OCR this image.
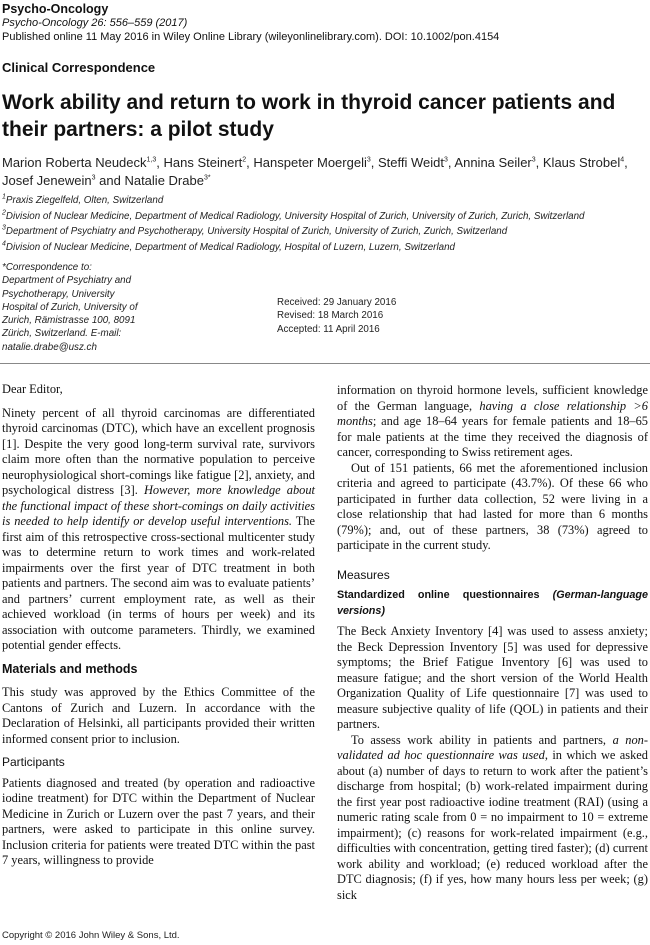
Psycho-Oncology
Psycho-Oncology 26: 556–559 (2017)
Published online 11 May 2016 in Wiley Online Library (wileyonlinelibrary.com). DOI: 10.1002/pon.4154
Clinical Correspondence
Work ability and return to work in thyroid cancer patients and their partners: a pilot study
Marion Roberta Neudeck$^{1,3}$, Hans Steinert$^2$, Hanspeter Moergeli$^3$, Steffi Weidt$^3$, Annina Seiler$^3$, Klaus Strobel$^4$, Josef Jenewein$^3$ and Natalie Drabe$^{3*}$
$^1$Praxis Ziegelfeld, Olten, Switzerland
$^2$Division of Nuclear Medicine, Department of Medical Radiology, University Hospital of Zurich, University of Zurich, Zurich, Switzerland
$^3$Department of Psychiatry and Psychotherapy, University Hospital of Zurich, University of Zurich, Zurich, Switzerland
$^4$Division of Nuclear Medicine, Department of Medical Radiology, Hospital of Luzern, Luzern, Switzerland
*Correspondence to: Department of Psychiatry and Psychotherapy, University Hospital of Zurich, University of Zurich, Rämistrasse 100, 8091 Zürich, Switzerland. E-mail: natalie.drabe@usz.ch
Received: 29 January 2016
Revised: 18 March 2016
Accepted: 11 April 2016

Dear Editor,

Ninety percent of all thyroid carcinomas are differentiated thyroid carcinomas (DTC), which have an excellent prognosis [1]. Despite the very good long-term survival rate, survivors claim more often than the normative population to perceive neurophysiological short-comings like fatigue [2], anxiety, and psychological distress [3]. However, more knowledge about the functional impact of these short-comings on daily activities is needed to help identify or develop useful interventions. The first aim of this retrospective cross-sectional multicenter study was to determine return to work times and work-related impairments over the first year of DTC treatment in both patients and partners. The second aim was to evaluate patients’ and partners’ current employment rate, as well as their achieved workload (in terms of hours per week) and its association with outcome parameters. Thirdly, we examined potential gender effects.

Materials and methods

This study was approved by the Ethics Committee of the Cantons of Zurich and Luzern. In accordance with the Declaration of Helsinki, all participants provided their written informed consent prior to inclusion.

Participants

Patients diagnosed and treated (by operation and radioactive iodine treatment) for DTC within the Department of Nuclear Medicine in Zurich or Luzern over the past 7 years, and their partners, were asked to participate in this online survey. Inclusion criteria for patients were treated DTC within the past 7 years, willingness to provide

information on thyroid hormone levels, sufficient knowledge of the German language, having a close relationship >6 months; and age 18–64 years for female patients and 18–65 for male patients at the time they received the diagnosis of cancer, corresponding to Swiss retirement ages.

Out of 151 patients, 66 met the aforementioned inclusion criteria and agreed to participate (43.7%). Of these 66 who participated in further data collection, 52 were living in a close relationship that had lasted for more than 6 months (79%); and, out of these partners, 38 (73%) agreed to participate in the current study.

Measures

Standardized online questionnaires (German-language versions)

The Beck Anxiety Inventory [4] was used to assess anxiety; the Beck Depression Inventory [5] was used for depressive symptoms; the Brief Fatigue Inventory [6] was used to measure fatigue; and the short version of the World Health Organization Quality of Life questionnaire [7] was used to measure subjective quality of life (QOL) in patients and their partners.

To assess work ability in patients and partners, a non-validated ad hoc questionnaire was used, in which we asked about (a) number of days to return to work after the patient’s discharge from hospital; (b) work-related impairment during the first year post radioactive iodine treatment (RAI) (using a numeric rating scale from 0 = no impairment to 10 = extreme impairment); (c) reasons for work-related impairment (e.g., difficulties with concentration, getting tired faster); (d) current work ability and workload; (e) reduced workload after the DTC diagnosis; (f) if yes, how many hours less per week; (g) sick

Copyright © 2016 John Wiley & Sons, Ltd.
